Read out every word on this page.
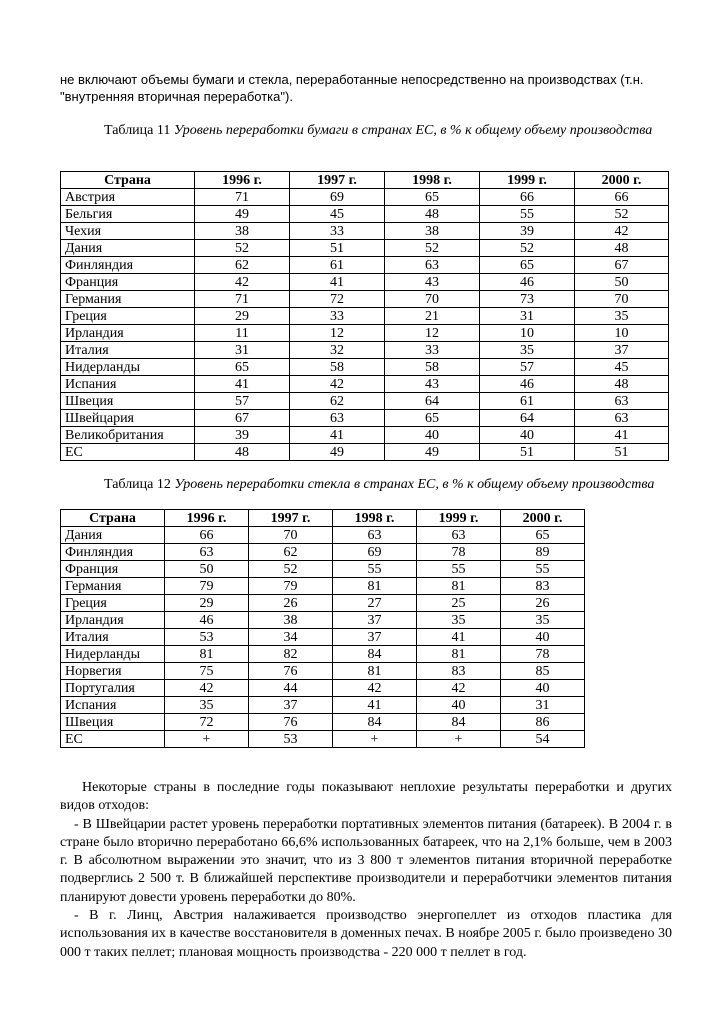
не включают объемы бумаги и стекла, переработанные непосредственно на производствах (т.н.
"внутренняя вторичная переработка").
Таблица 11 Уровень переработки бумаги в странах ЕС, в % к общему объему производства
Страна	1996 г.	1997 г.	1998 г.	1999 г.	2000 г.
Австрия	71	69	65	66	66
Бельгия	49	45	48	55	52
Чехия	38	33	38	39	42
Дания	52	51	52	52	48
Финляндия	62	61	63	65	67
Франция	42	41	43	46	50
Германия	71	72	70	73	70
Греция	29	33	21	31	35
Ирландия	11	12	12	10	10
Италия	31	32	33	35	37
Нидерланды	65	58	58	57	45
Испания	41	42	43	46	48
Швеция	57	62	64	61	63
Швейцария	67	63	65	64	63
Великобритания	39	41	40	40	41
ЕС	48	49	49	51	51
Таблица 12 Уровень переработки стекла в странах ЕС, в % к общему объему производства
Страна	1996 г.	1997 г.	1998 г.	1999 г.	2000 г.
Дания	66	70	63	63	65
Финляндия	63	62	69	78	89
Франция	50	52	55	55	55
Германия	79	79	81	81	83
Греция	29	26	27	25	26
Ирландия	46	38	37	35	35
Италия	53	34	37	41	40
Нидерланды	81	82	84	81	78
Норвегия	75	76	81	83	85
Португалия	42	44	42	42	40
Испания	35	37	41	40	31
Швеция	72	76	84	84	86
ЕС	+	53	+	+	54

Некоторые страны в последние годы показывают неплохие результаты переработки и других видов отходов:

- В Швейцарии растет уровень переработки портативных элементов питания (батареек). В 2004 г. в стране было вторично переработано 66,6% использованных батареек, что на 2,1% больше, чем в 2003 г. В абсолютном выражении это значит, что из 3 800 т элементов питания вторичной переработке подверглись 2 500 т. В ближайшей перспективе производители и переработчики элементов питания планируют довести уровень переработки до 80%.

- В г. Линц, Австрия налаживается производство энергопеллет из отходов пластика для использования их в качестве восстановителя в доменных печах. В ноябре 2005 г. было произведено 30 000 т таких пеллет; плановая мощность производства - 220 000 т пеллет в год.
